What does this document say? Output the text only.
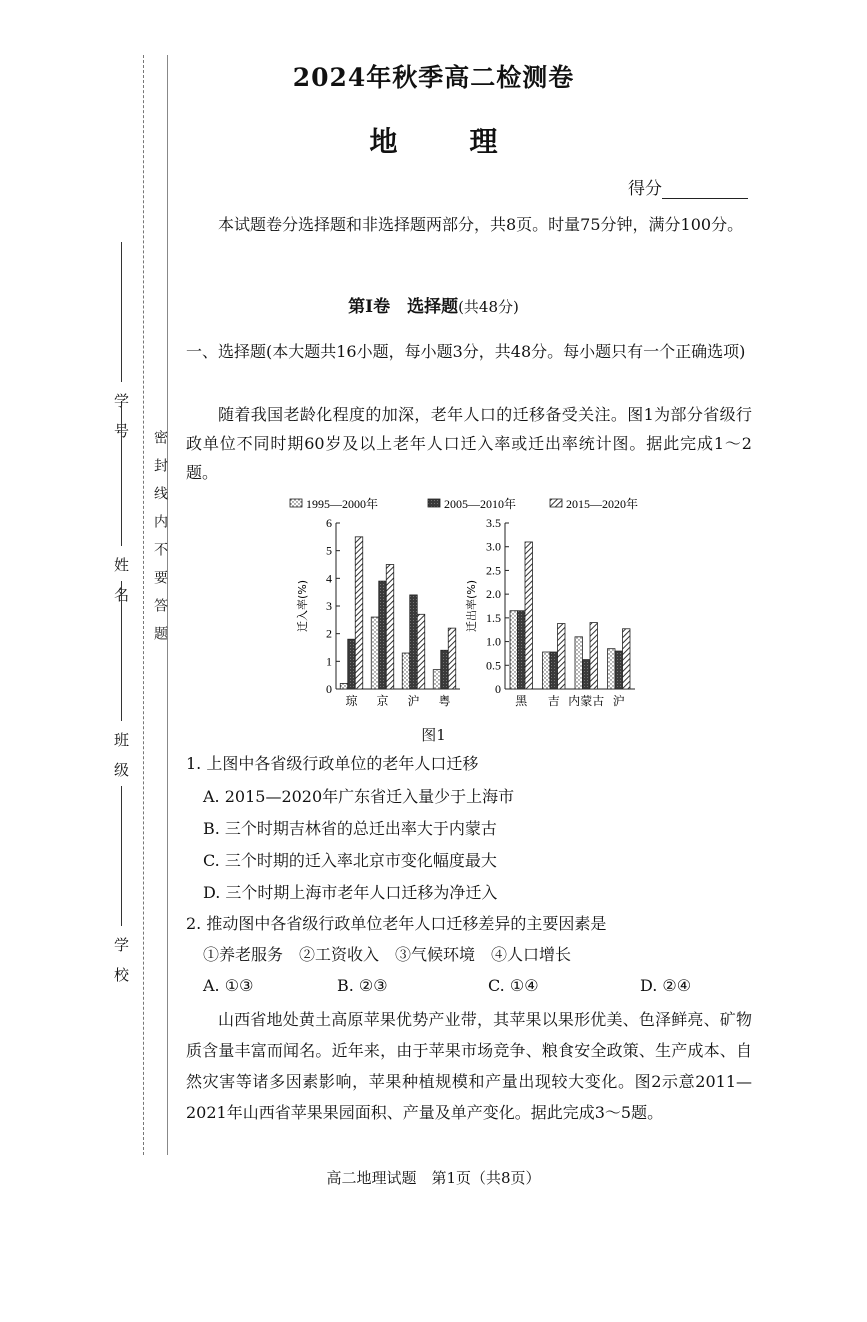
学　号
姓　名
班　级
学　校
密　封　线　内　不　要　答　题
2024年秋季高二检测卷
地　理
得分
本试题卷分选择题和非选择题两部分，共8页。时量75分钟，满分100分。
第Ⅰ卷　选择题(共48分)
一、选择题(本大题共16小题，每小题3分，共48分。每小题只有一个正确选项)
随着我国老龄化程度的加深，老年人口的迁移备受关注。图1为部分省级行政单位不同时期60岁及以上老年人口迁入率或迁出率统计图。据此完成1～2题。
1995—2000年	2005—2010年	2015—2020年
迁入率(%)
0
1
2
3
4
5
6
琼 京 沪 粤
迁出率(%)
0
0.5
1.0
1.5
2.0
2.5
3.0
3.5
黑 吉 内蒙古 沪
图1
1. 上图中各省级行政单位的老年人口迁移
A. 2015—2020年广东省迁入量少于上海市
B. 三个时期吉林省的总迁出率大于内蒙古
C. 三个时期的迁入率北京市变化幅度最大
D. 三个时期上海市老年人口迁移为净迁入
2. 推动图中各省级行政单位老年人口迁移差异的主要因素是
①养老服务　②工资收入　③气候环境　④人口增长
A. ①③	B. ②③	C. ①④	D. ②④
山西省地处黄土高原苹果优势产业带，其苹果以果形优美、色泽鲜亮、矿物质含量丰富而闻名。近年来，由于苹果市场竞争、粮食安全政策、生产成本、自然灾害等诸多因素影响，苹果种植规模和产量出现较大变化。图2示意2011—2021年山西省苹果果园面积、产量及单产变化。据此完成3～5题。
高二地理试题　第1页（共8页）
